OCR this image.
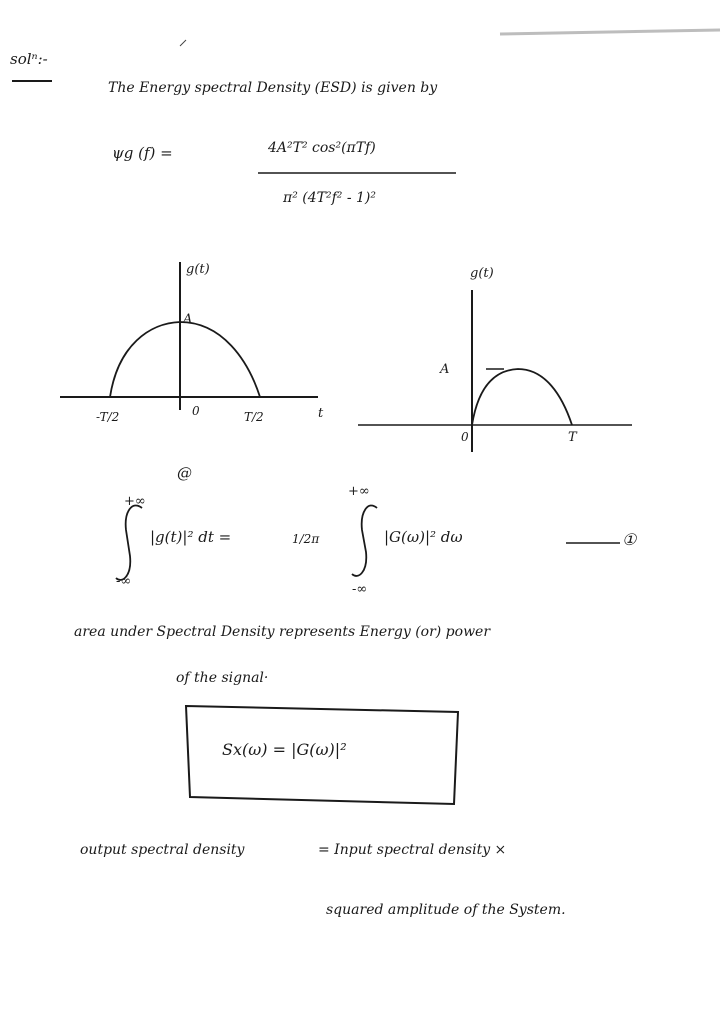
solⁿ:-
The Energy spectral Density (ESD) is given by
ψg (f) =	4A²T² cos²(πTf)
π² (4T²f² - 1)²
g(t)
A
-T/2	0	T/2	t
@
g(t)
A
0	T
+∞
-∞
|g(t)|² dt =	1/2π
+∞
-∞
|G(ω)|² dω	①
area under Spectral Density represents Energy (or) power
of the signal·
Sx(ω) = |G(ω)|²
output spectral density	= Input spectral density ×
squared amplitude of the System.
